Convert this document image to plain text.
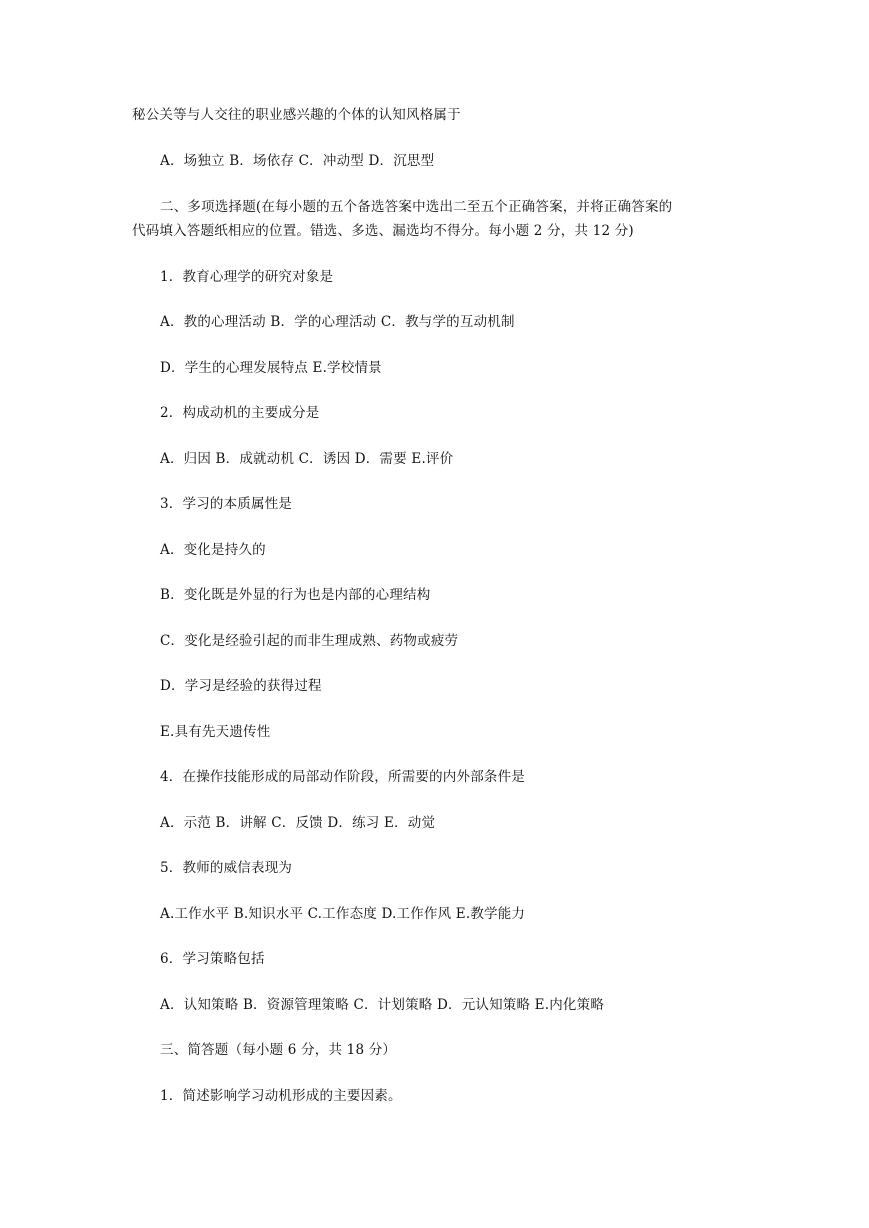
秘公关等与人交往的职业感兴趣的个体的认知风格属于
A．场独立 B．场依存 C．冲动型 D．沉思型
二、多项选择题(在每小题的五个备选答案中选出二至五个正确答案，并将正确答案的
代码填入答题纸相应的位置。错选、多选、漏选均不得分。每小题 2 分，共 12 分)
1．教育心理学的研究对象是
A．教的心理活动 B．学的心理活动 C．教与学的互动机制
D．学生的心理发展特点 E.学校情景
2．构成动机的主要成分是
A．归因 B．成就动机 C．诱因 D．需要 E.评价
3．学习的本质属性是
A．变化是持久的
B．变化既是外显的行为也是内部的心理结构
C．变化是经验引起的而非生理成熟、药物或疲劳
D．学习是经验的获得过程
E.具有先天遗传性
4．在操作技能形成的局部动作阶段，所需要的内外部条件是
A．示范 B．讲解 C．反馈 D．练习 E．动觉
5．教师的威信表现为
A.工作水平 B.知识水平 C.工作态度 D.工作作风 E.教学能力
6．学习策略包括
A．认知策略 B．资源管理策略 C．计划策略 D．元认知策略 E.内化策略
三、简答题（每小题 6 分，共 18 分）
1．简述影响学习动机形成的主要因素。
